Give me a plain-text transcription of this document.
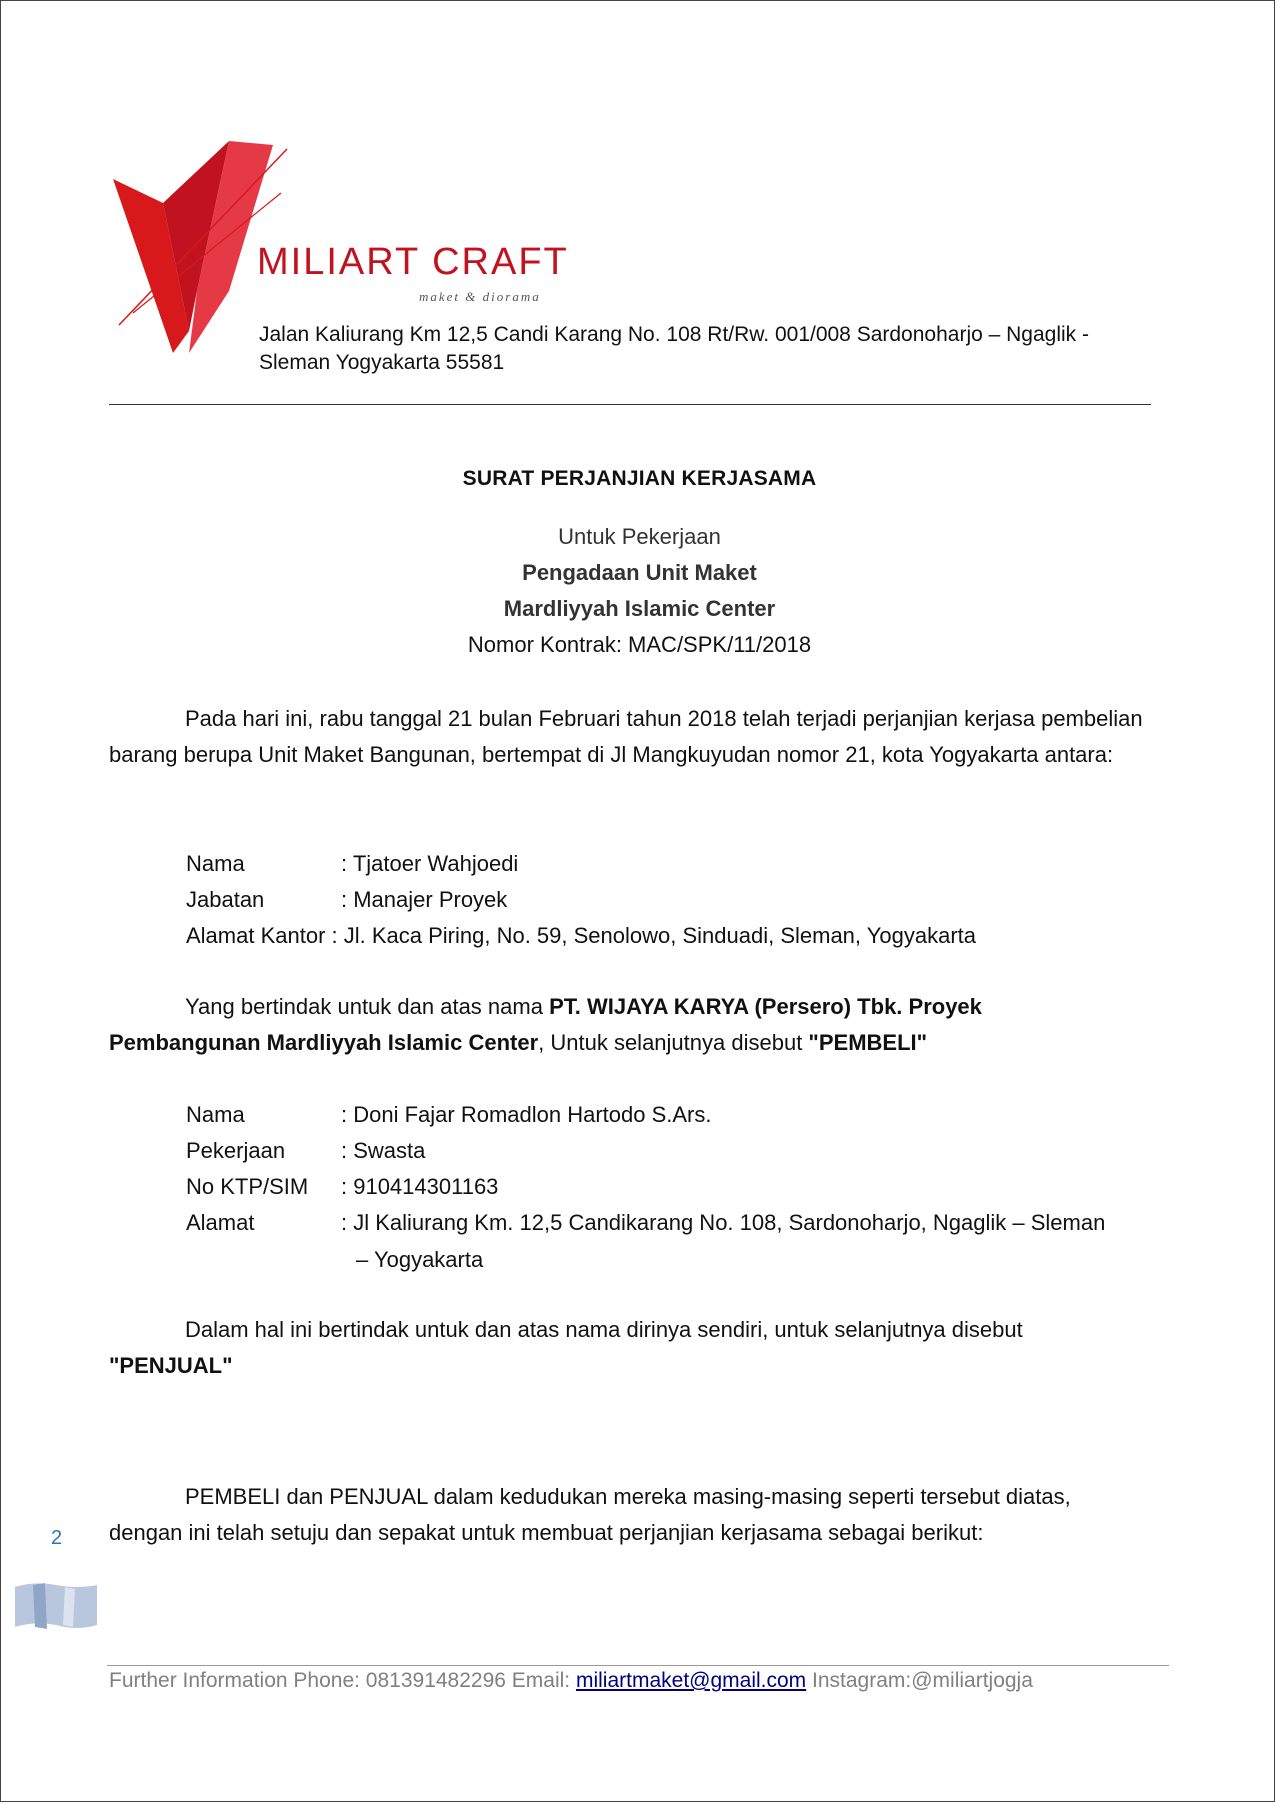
MILIART CRAFT
maket & diorama
Jalan Kaliurang Km 12,5 Candi Karang No. 108 Rt/Rw. 001/008 Sardonoharjo – Ngaglik -
Sleman Yogyakarta 55581
SURAT PERJANJIAN KERJASAMA
Untuk Pekerjaan
Pengadaan Unit Maket
Mardliyyah Islamic Center
Nomor Kontrak: MAC/SPK/11/2018
Pada hari ini, rabu tanggal 21 bulan Februari tahun 2018 telah terjadi perjanjian kerjasa pembelian barang berupa Unit Maket Bangunan, bertempat di Jl Mangkuyudan nomor 21, kota Yogyakarta antara:
Nama	: Tjatoer Wahjoedi
Jabatan	: Manajer Proyek
Alamat Kantor : Jl. Kaca Piring, No. 59, Senolowo, Sinduadi, Sleman, Yogyakarta
Yang bertindak untuk dan atas nama PT. WIJAYA KARYA (Persero) Tbk. Proyek
Pembangunan Mardliyyah Islamic Center, Untuk selanjutnya disebut "PEMBELI"
Nama	: Doni Fajar Romadlon Hartodo S.Ars.
Pekerjaan	: Swasta
No KTP/SIM : 910414301163
Alamat	: Jl Kaliurang Km. 12,5 Candikarang No. 108, Sardonoharjo, Ngaglik – Sleman
– Yogyakarta
Dalam hal ini bertindak untuk dan atas nama dirinya sendiri, untuk selanjutnya disebut
"PENJUAL"
PEMBELI dan PENJUAL dalam kedudukan mereka masing-masing seperti tersebut diatas,
dengan ini telah setuju dan sepakat untuk membuat perjanjian kerjasama sebagai berikut:
2
Further Information Phone: 081391482296 Email: miliartmaket@gmail.com Instagram:@miliartjogja
